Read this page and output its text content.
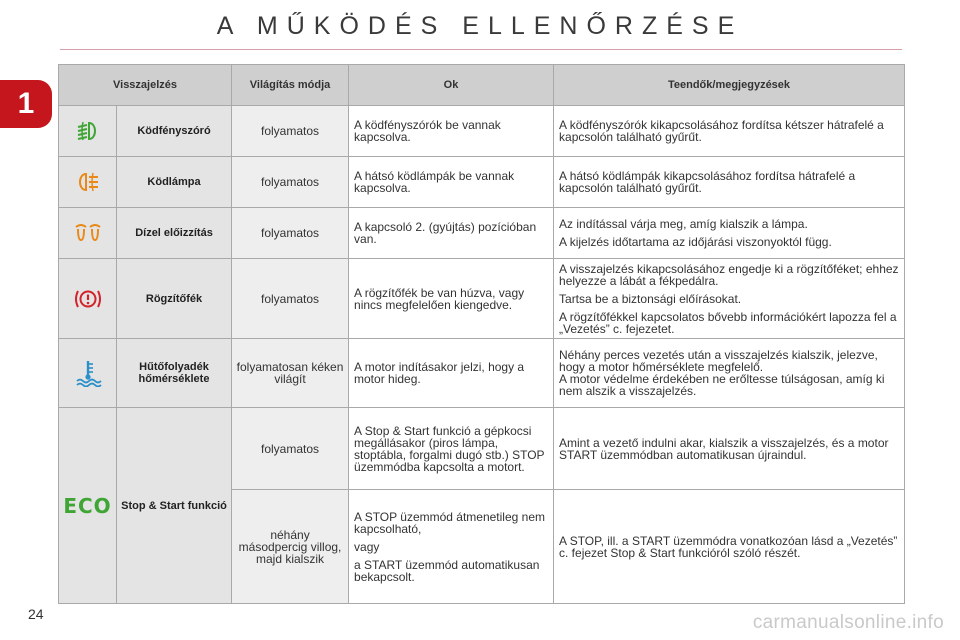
A MŰKÖDÉS ELLENŐRZÉSE
1
Visszajelzés		Világítás módja	Ok	Teendők/megjegyzések

	Ködfényszóró	folyamatos	A ködfényszórók be vannak kapcsolva.	A ködfényszórók kikapcsolásához fordítsa kétszer hátrafelé a kapcsolón található gyűrűt.

	Ködlámpa	folyamatos	A hátsó ködlámpák be vannak kapcsolva.	A hátsó ködlámpák kikapcsolásához fordítsa hátrafelé a kapcsolón található gyűrűt.

	Dízel előizzítás	folyamatos	A kapcsoló 2. (gyújtás) pozícióban van.	Az indítással várja meg, amíg kialszik a lámpa.

A kijelzés időtartama az időjárási viszonyoktól függ.

	Rögzítőfék	folyamatos	A rögzítőfék be van húzva, vagy nincs megfelelően kiengedve.	A visszajelzés kikapcsolásához engedje ki a rögzítőféket; ehhez helyezze a lábát a fékpedálra.

Tartsa be a biztonsági előírásokat.

A rögzítőfékkel kapcsolatos bővebb információkért lapozza fel a „Vezetés” c. fejezetet.

	Hűtőfolyadék hőmérséklete	folyamatosan kéken világít	A motor indításakor jelzi, hogy a motor hideg.	Néhány perces vezetés után a visszajelzés kialszik, jelezve, hogy a motor hőmérséklete megfelelő.

A motor védelme érdekében ne erőltesse túlságosan, amíg ki nem alszik a visszajelzés.

ECO	Stop & Start funkció	folyamatos	A Stop & Start funkció a gépkocsi megállásakor (piros lámpa, stoptábla, forgalmi dugó stb.) STOP üzemmódba kapcsolta a motort.	Amint a vezető indulni akar, kialszik a visszajelzés, és a motor START üzemmódban automatikusan újraindul.

		néhány másodpercig villog, majd kialszik	A STOP üzemmód átmenetileg nem kapcsolható,

vagy

a START üzemmód automatikusan bekapcsolt.	A STOP, ill. a START üzemmódra vonatkozóan lásd a „Vezetés” c. fejezet Stop & Start funkcióról szóló részét.

24	carmanualsonline.info
